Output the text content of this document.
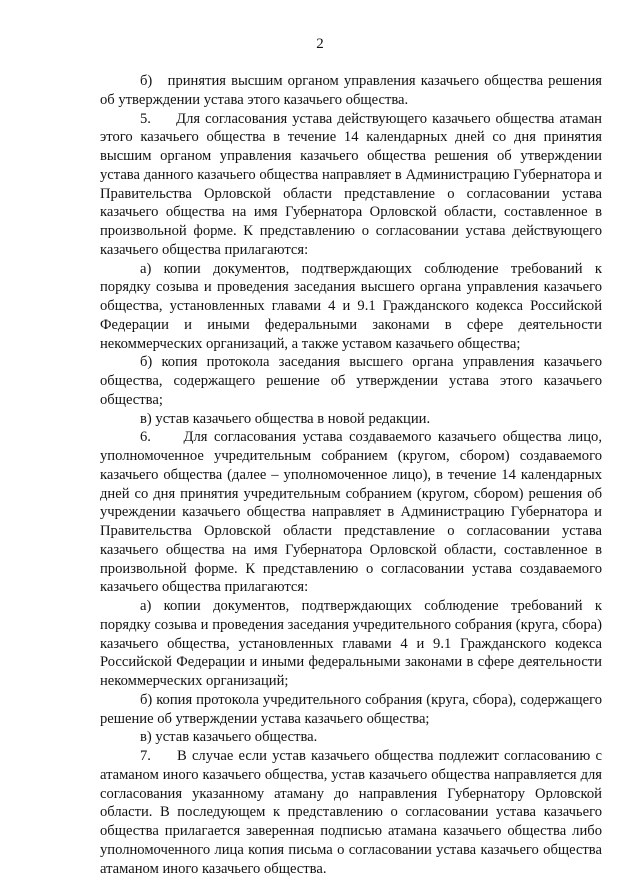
2

б)   принятия высшим органом управления казачьего общества решения об утверждении устава этого казачьего общества.

5.     Для согласования устава действующего казачьего общества атаман этого казачьего общества в течение 14 календарных дней со дня принятия высшим органом управления казачьего общества решения об утверждении устава данного казачьего общества направляет в Администрацию Губернатора и Правительства Орловской области представление о согласовании устава казачьего общества на имя Губернатора Орловской области, составленное в произвольной форме. К представлению о согласовании устава действующего казачьего общества прилагаются:

а) копии документов, подтверждающих соблюдение требований к порядку созыва и проведения заседания высшего органа управления казачьего общества, установленных главами 4 и 9.1 Гражданского кодекса Российской Федерации и иными федеральными законами в сфере деятельности некоммерческих организаций, а также уставом казачьего общества;

б) копия протокола заседания высшего органа управления казачьего общества, содержащего решение об утверждении устава этого казачьего общества;

в) устав казачьего общества в новой редакции.

6.     Для согласования устава создаваемого казачьего общества лицо, уполномоченное учредительным собранием (кругом, сбором) создаваемого казачьего общества (далее – уполномоченное лицо), в течение 14 календарных дней со дня принятия учредительным собранием (кругом, сбором) решения об учреждении казачьего общества направляет в Администрацию Губернатора и Правительства Орловской области представление о согласовании устава казачьего общества на имя Губернатора Орловской области, составленное в произвольной форме. К представлению о согласовании устава создаваемого казачьего общества прилагаются:

а) копии документов, подтверждающих соблюдение требований к порядку созыва и проведения заседания учредительного собрания (круга, сбора) казачьего общества, установленных главами 4 и 9.1 Гражданского кодекса Российской Федерации и иными федеральными законами в сфере деятельности некоммерческих организаций;

б) копия протокола учредительного собрания (круга, сбора), содержащего решение об утверждении устава казачьего общества;

в) устав казачьего общества.

7.     В случае если устав казачьего общества подлежит согласованию с атаманом иного казачьего общества, устав казачьего общества направляется для согласования указанному атаману до направления Губернатору Орловской области. В последующем к представлению о согласовании устава казачьего общества прилагается заверенная подписью атамана казачьего общества либо уполномоченного лица копия письма о согласовании устава казачьего общества атаманом иного казачьего общества.
